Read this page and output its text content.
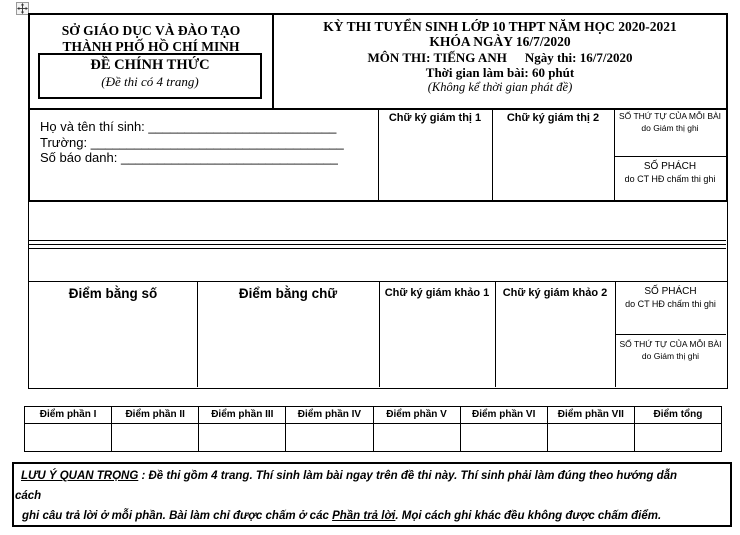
SỞ GIÁO DỤC VÀ ĐÀO TẠO
THÀNH PHỐ HỒ CHÍ MINH
ĐỀ CHÍNH THỨC
(Đề thi có 4 trang)
KỲ THI TUYỂN SINH LỚP 10 THPT NĂM HỌC 2020-2021
KHÓA NGÀY 16/7/2020
MÔN THI: TIẾNG ANH Ngày thi: 16/7/2020
Thời gian làm bài: 60 phút
(Không kể thời gian phát đề)
Họ và tên thí sinh: __________________________
Trường: ___________________________________
Số báo danh: ______________________________
Chữ ký giám thị 1	Chữ ký giám thị 2	SỐ THỨ TỰ CỦA MỖI BÀI
do Giám thị ghi
SỐ PHÁCH
do CT HĐ chấm thi ghi
Điểm bằng số	Điểm bằng chữ	Chữ ký giám khảo 1	Chữ ký giám khảo 2	SỐ PHÁCH
do CT HĐ chấm thi ghi
SỐ THỨ TỰ CỦA MỖI BÀI
do Giám thị ghi
Điểm phần I	Điểm phần II	Điểm phần III	Điểm phần IV	Điểm phần V	Điểm phần VI	Điểm phần VII	Điểm tổng
LƯU Ý QUAN TRỌNG : Đề thi gồm 4 trang. Thí sinh làm bài ngay trên đề thi này. Thí sinh phải làm đúng theo hướng dẫn
cách
ghi câu trả lời ở mỗi phần. Bài làm chỉ được chấm ở các Phần trả lời. Mọi cách ghi khác đều không được chấm điểm.
